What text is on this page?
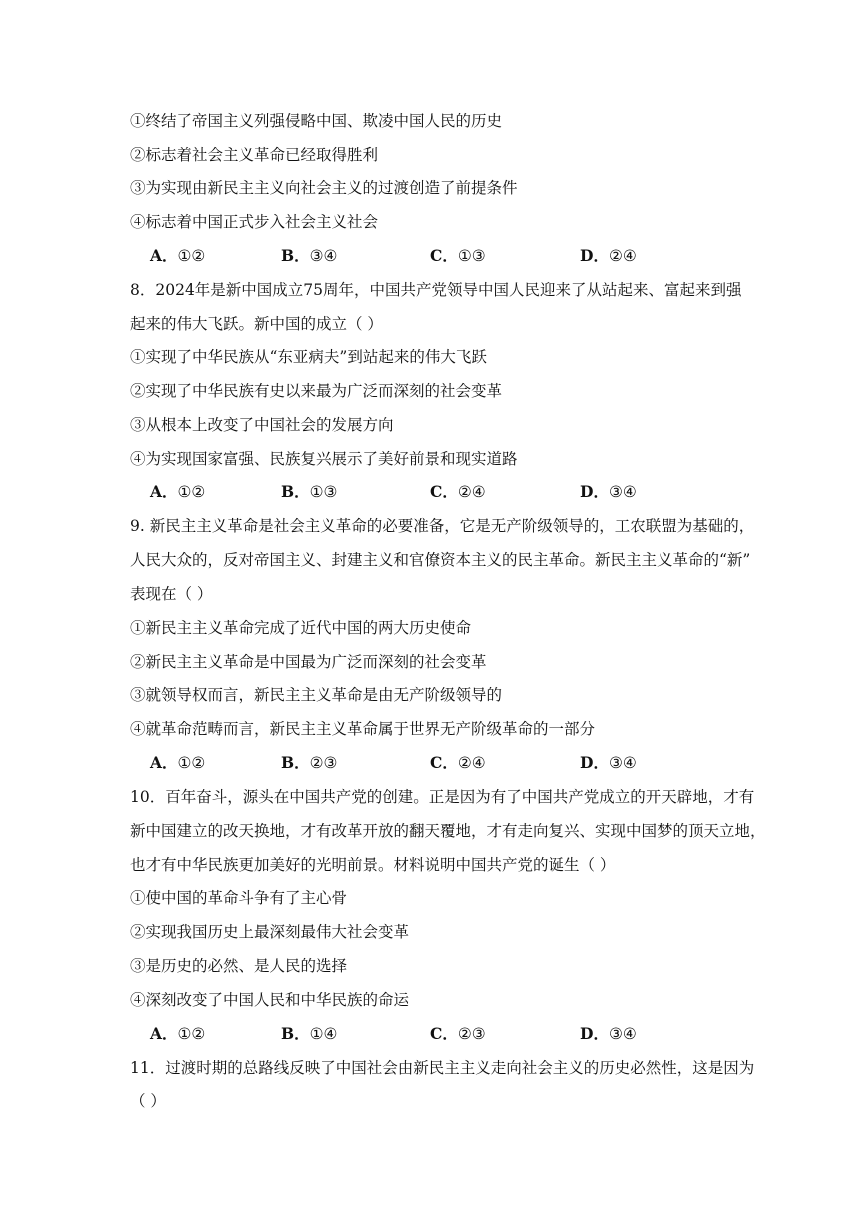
①终结了帝国主义列强侵略中国、欺凌中国人民的历史
②标志着社会主义革命已经取得胜利
③为实现由新民主主义向社会主义的过渡创造了前提条件
④标志着中国正式步入社会主义社会
A．①②	B．③④	C．①③	D．②④
8．2024年是新中国成立75周年，中国共产党领导中国人民迎来了从站起来、富起来到强
起来的伟大飞跃。新中国的成立（ ）
①实现了中华民族从“东亚病夫”到站起来的伟大飞跃
②实现了中华民族有史以来最为广泛而深刻的社会变革
③从根本上改变了中国社会的发展方向
④为实现国家富强、民族复兴展示了美好前景和现实道路
A．①②	B．①③	C．②④	D．③④
9. 新民主主义革命是社会主义革命的必要准备，它是无产阶级领导的，工农联盟为基础的，
人民大众的，反对帝国主义、封建主义和官僚资本主义的民主革命。新民主主义革命的“新”
表现在（ ）
①新民主主义革命完成了近代中国的两大历史使命
②新民主主义革命是中国最为广泛而深刻的社会变革
③就领导权而言，新民主主义革命是由无产阶级领导的
④就革命范畴而言，新民主主义革命属于世界无产阶级革命的一部分
A．①②	B．②③	C．②④	D．③④
10．百年奋斗，源头在中国共产党的创建。正是因为有了中国共产党成立的开天辟地，才有
新中国建立的改天换地，才有改革开放的翻天覆地，才有走向复兴、实现中国梦的顶天立地，
也才有中华民族更加美好的光明前景。材料说明中国共产党的诞生（ ）
①使中国的革命斗争有了主心骨
②实现我国历史上最深刻最伟大社会变革
③是历史的必然、是人民的选择
④深刻改变了中国人民和中华民族的命运
A．①②	B．①④	C．②③	D．③④
11．过渡时期的总路线反映了中国社会由新民主主义走向社会主义的历史必然性，这是因为
（ ）
